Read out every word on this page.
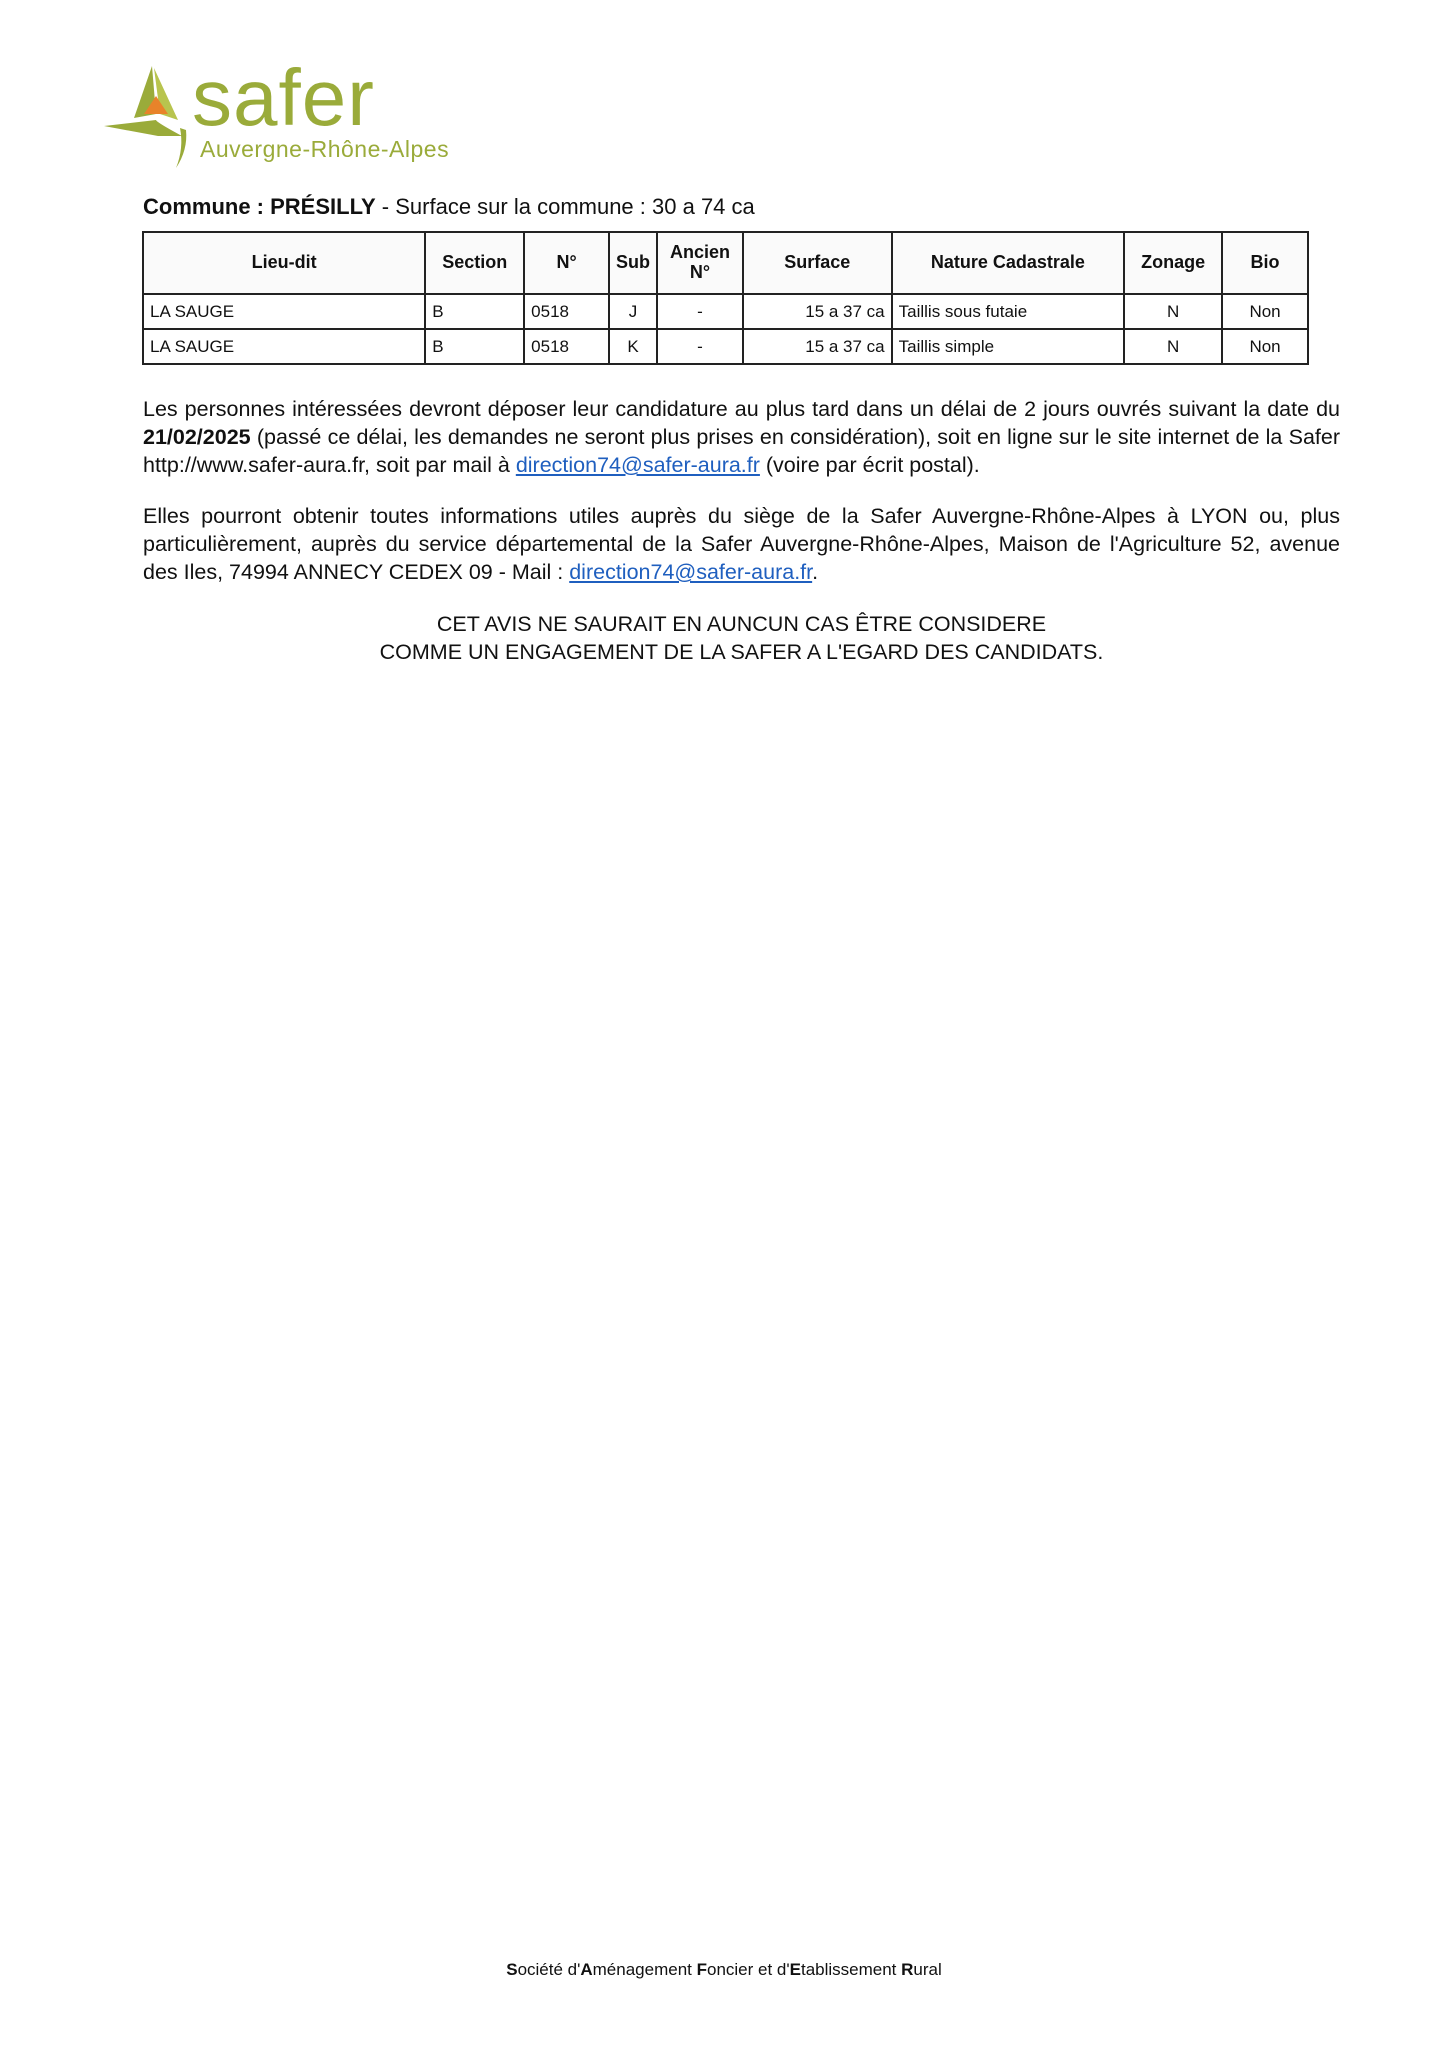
safer
Auvergne-Rhône-Alpes
Commune : PRÉSILLY - Surface sur la commune : 30 a 74 ca
Lieu-dit	Section	N°	Sub	Ancien N°	Surface	Nature Cadastrale	Zonage	Bio
LA SAUGE	B	0518	J	-	15 a 37 ca	Taillis sous futaie	N	Non
LA SAUGE	B	0518	K	-	15 a 37 ca	Taillis simple	N	Non

Les personnes intéressées devront déposer leur candidature au plus tard dans un délai de 2 jours ouvrés suivant la date du 21/02/2025 (passé ce délai, les demandes ne seront plus prises en considération), soit en ligne sur le site internet de la Safer http://www.safer-aura.fr, soit par mail à direction74@safer-aura.fr (voire par écrit postal).

Elles pourront obtenir toutes informations utiles auprès du siège de la Safer Auvergne-Rhône-Alpes à LYON ou, plus particulièrement, auprès du service départemental de la Safer Auvergne-Rhône-Alpes, Maison de l'Agriculture 52, avenue des Iles, 74994 ANNECY CEDEX 09 - Mail : direction74@safer-aura.fr.

CET AVIS NE SAURAIT EN AUNCUN CAS ÊTRE CONSIDERE
COMME UN ENGAGEMENT DE LA SAFER A L'EGARD DES CANDIDATS.

Société d'Aménagement Foncier et d'Etablissement Rural
